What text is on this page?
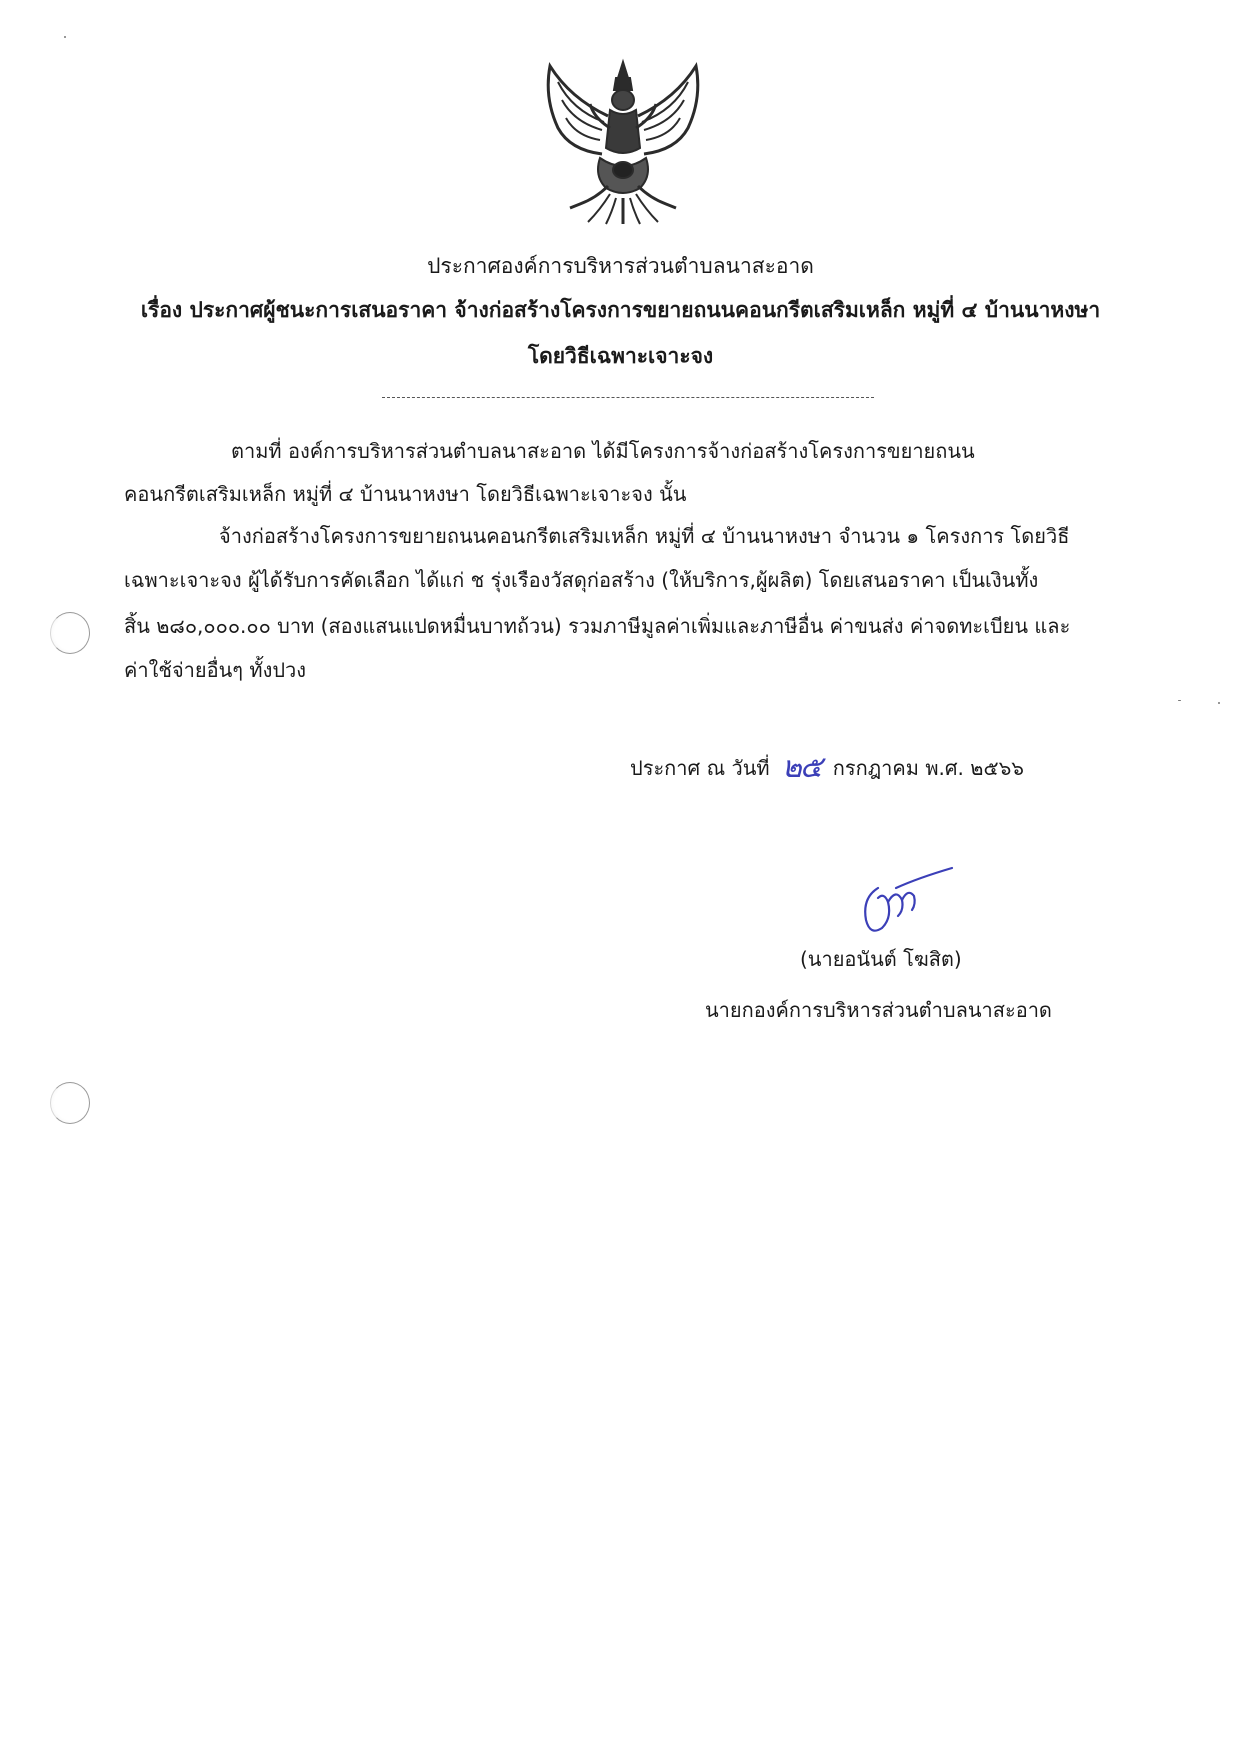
ประกาศองค์การบริหารส่วนตำบลนาสะอาด
เรื่อง ประกาศผู้ชนะการเสนอราคา จ้างก่อสร้างโครงการขยายถนนคอนกรีตเสริมเหล็ก หมู่ที่ ๔ บ้านนาหงษา
โดยวิธีเฉพาะเจาะจง
ตามที่ องค์การบริหารส่วนตำบลนาสะอาด ได้มีโครงการจ้างก่อสร้างโครงการขยายถนน
คอนกรีตเสริมเหล็ก หมู่ที่ ๔ บ้านนาหงษา โดยวิธีเฉพาะเจาะจง นั้น
จ้างก่อสร้างโครงการขยายถนนคอนกรีตเสริมเหล็ก หมู่ที่ ๔ บ้านนาหงษา จำนวน ๑ โครงการ โดยวิธี
เฉพาะเจาะจง ผู้ได้รับการคัดเลือก ได้แก่ ช รุ่งเรืองวัสดุก่อสร้าง (ให้บริการ,ผู้ผลิต) โดยเสนอราคา เป็นเงินทั้ง
สิ้น ๒๘๐,๐๐๐.๐๐ บาท (สองแสนแปดหมื่นบาทถ้วน) รวมภาษีมูลค่าเพิ่มและภาษีอื่น ค่าขนส่ง ค่าจดทะเบียน และ
ค่าใช้จ่ายอื่นๆ ทั้งปวง
ประกาศ ณ วันที่ ๒๕ กรกฎาคม พ.ศ. ๒๕๖๖
(นายอนันต์ โฆสิต)
นายกองค์การบริหารส่วนตำบลนาสะอาด
